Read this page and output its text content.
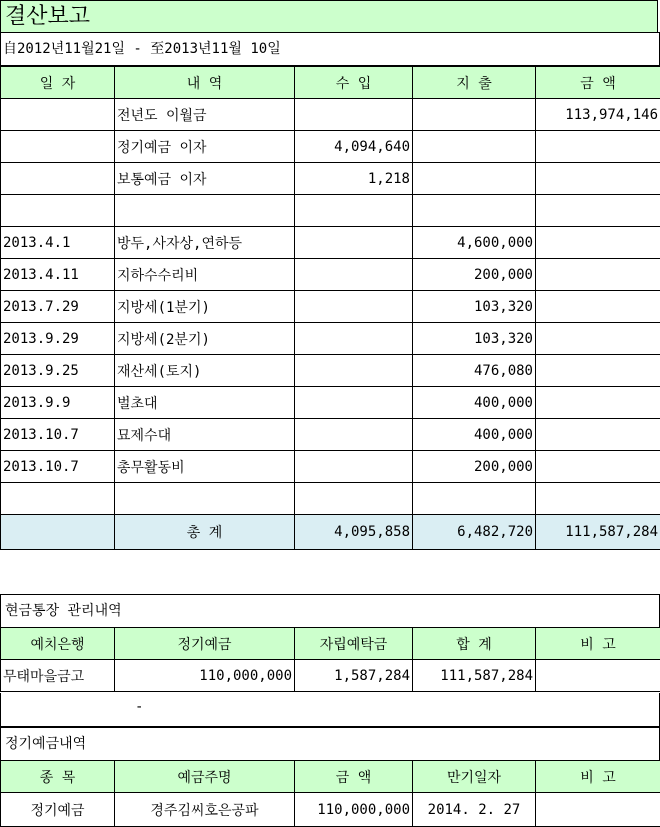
결산보고
自2012년11월21일 - 至2013년11월 10일
일 자	내 역	수 입	지 출	금 액
	전년도 이월금			113,974,146
	정기예금 이자	4,094,640		
	보통예금 이자	1,218		

2013.4.1	방두,사자상,연하등		4,600,000	
2013.4.11	지하수수리비		200,000	
2013.7.29	지방세(1분기)		103,320	
2013.9.29	지방세(2분기)		103,320	
2013.9.25	재산세(토지)		476,080	
2013.9.9	벌초대		400,000	
2013.10.7	묘제수대		400,000	
2013.10.7	총무활동비		200,000	

	총 계	4,095,858	6,482,720	111,587,284
현금통장 관리내역
예치은행	정기예금	자립예탁금	합 계	비 고
무태마을금고	110,000,000	1,587,284	111,587,284	
-
정기예금내역
종 목	예금주명	금 액	만기일자	비 고
정기예금	경주김씨호은공파	110,000,000	2014. 2. 27	
